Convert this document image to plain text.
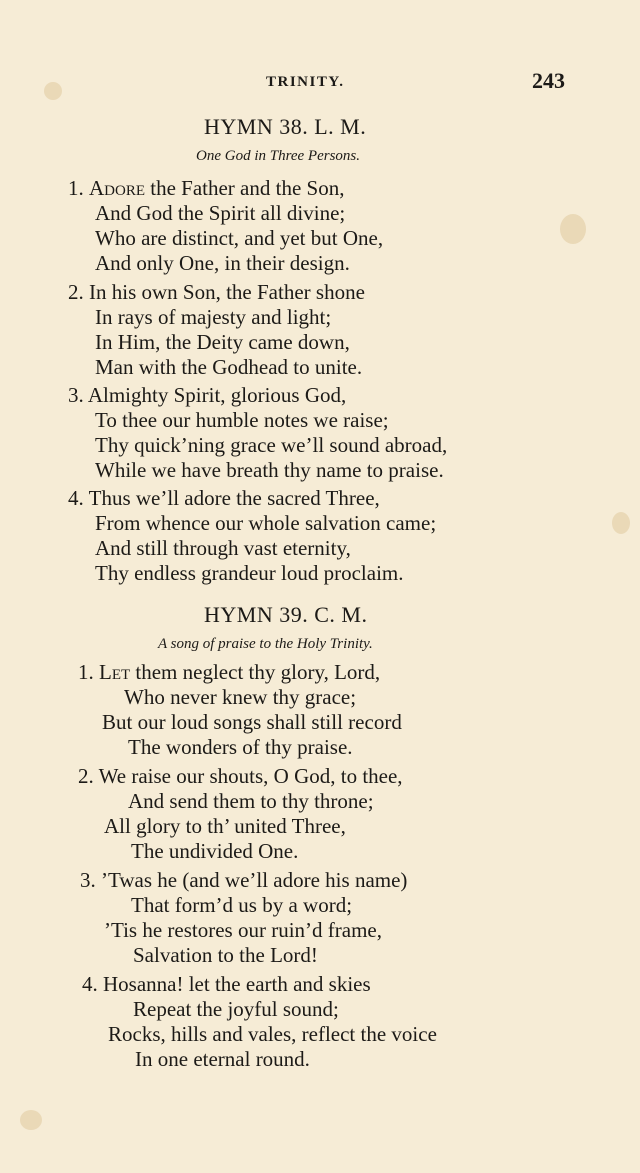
TRINITY.	243
HYMN 38. L. M.
One God in Three Persons.
1. Adore the Father and the Son,
And God the Spirit all divine;
Who are distinct, and yet but One,
And only One, in their design.
2. In his own Son, the Father shone
In rays of majesty and light;
In Him, the Deity came down,
Man with the Godhead to unite.
3. Almighty Spirit, glorious God,
To thee our humble notes we raise;
Thy quick’ning grace we’ll sound abroad,
While we have breath thy name to praise.
4. Thus we’ll adore the sacred Three,
From whence our whole salvation came;
And still through vast eternity,
Thy endless grandeur loud proclaim.
HYMN 39. C. M.
A song of praise to the Holy Trinity.
1. Let them neglect thy glory, Lord,
Who never knew thy grace;
But our loud songs shall still record
The wonders of thy praise.
2. We raise our shouts, O God, to thee,
And send them to thy throne;
All glory to th’ united Three,
The undivided One.
3. ’Twas he (and we’ll adore his name)
That form’d us by a word;
’Tis he restores our ruin’d frame,
Salvation to the Lord!
4. Hosanna! let the earth and skies
Repeat the joyful sound;
Rocks, hills and vales, reflect the voice
In one eternal round.
